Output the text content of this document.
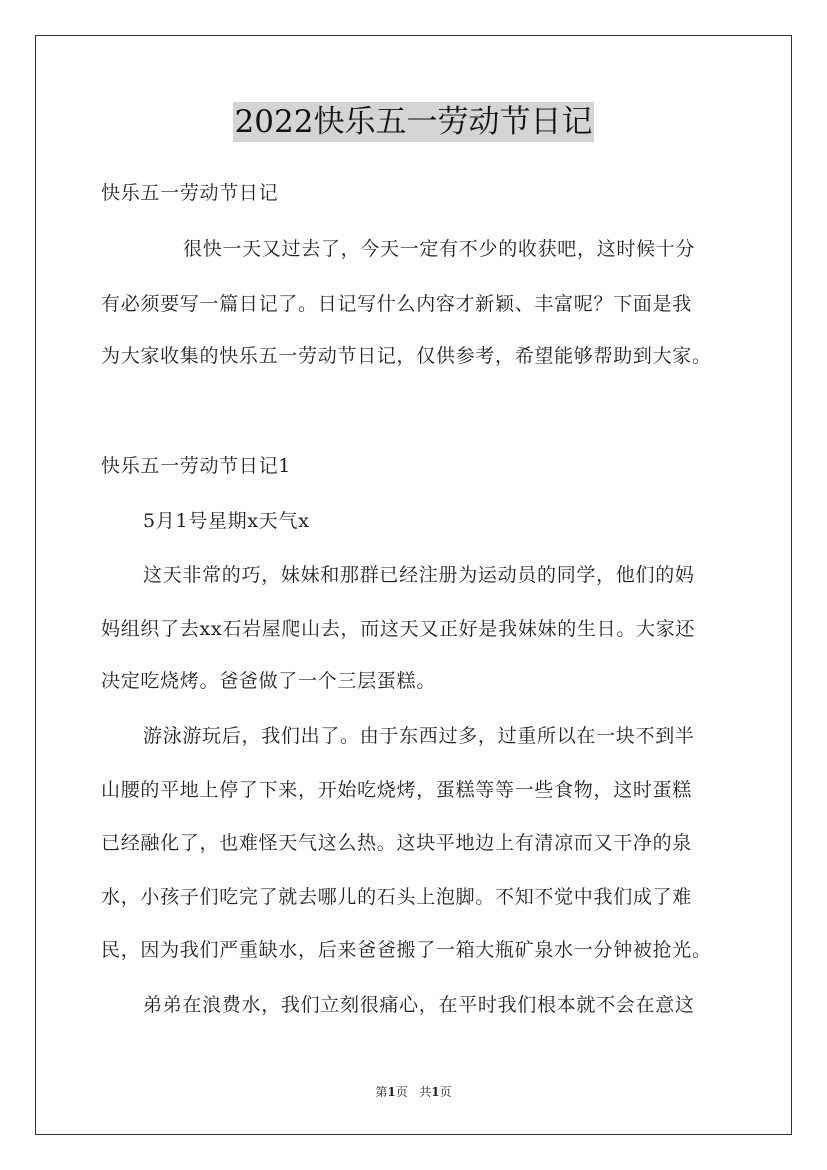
2022快乐五一劳动节日记
快乐五一劳动节日记
很快一天又过去了，今天一定有不少的收获吧，这时候十分
有必须要写一篇日记了。日记写什么内容才新颖、丰富呢？下面是我
为大家收集的快乐五一劳动节日记，仅供参考，希望能够帮助到大家。
快乐五一劳动节日记1
5月1号星期x天气x
这天非常的巧，妹妹和那群已经注册为运动员的同学，他们的妈
妈组织了去xx石岩屋爬山去，而这天又正好是我妹妹的生日。大家还
决定吃烧烤。爸爸做了一个三层蛋糕。
游泳游玩后，我们出了。由于东西过多，过重所以在一块不到半
山腰的平地上停了下来，开始吃烧烤，蛋糕等等一些食物，这时蛋糕
已经融化了，也难怪天气这么热。这块平地边上有清凉而又干净的泉
水，小孩子们吃完了就去哪儿的石头上泡脚。不知不觉中我们成了难
民，因为我们严重缺水，后来爸爸搬了一箱大瓶矿泉水一分钟被抢光。
弟弟在浪费水，我们立刻很痛心，在平时我们根本就不会在意这
第1页 共1页
